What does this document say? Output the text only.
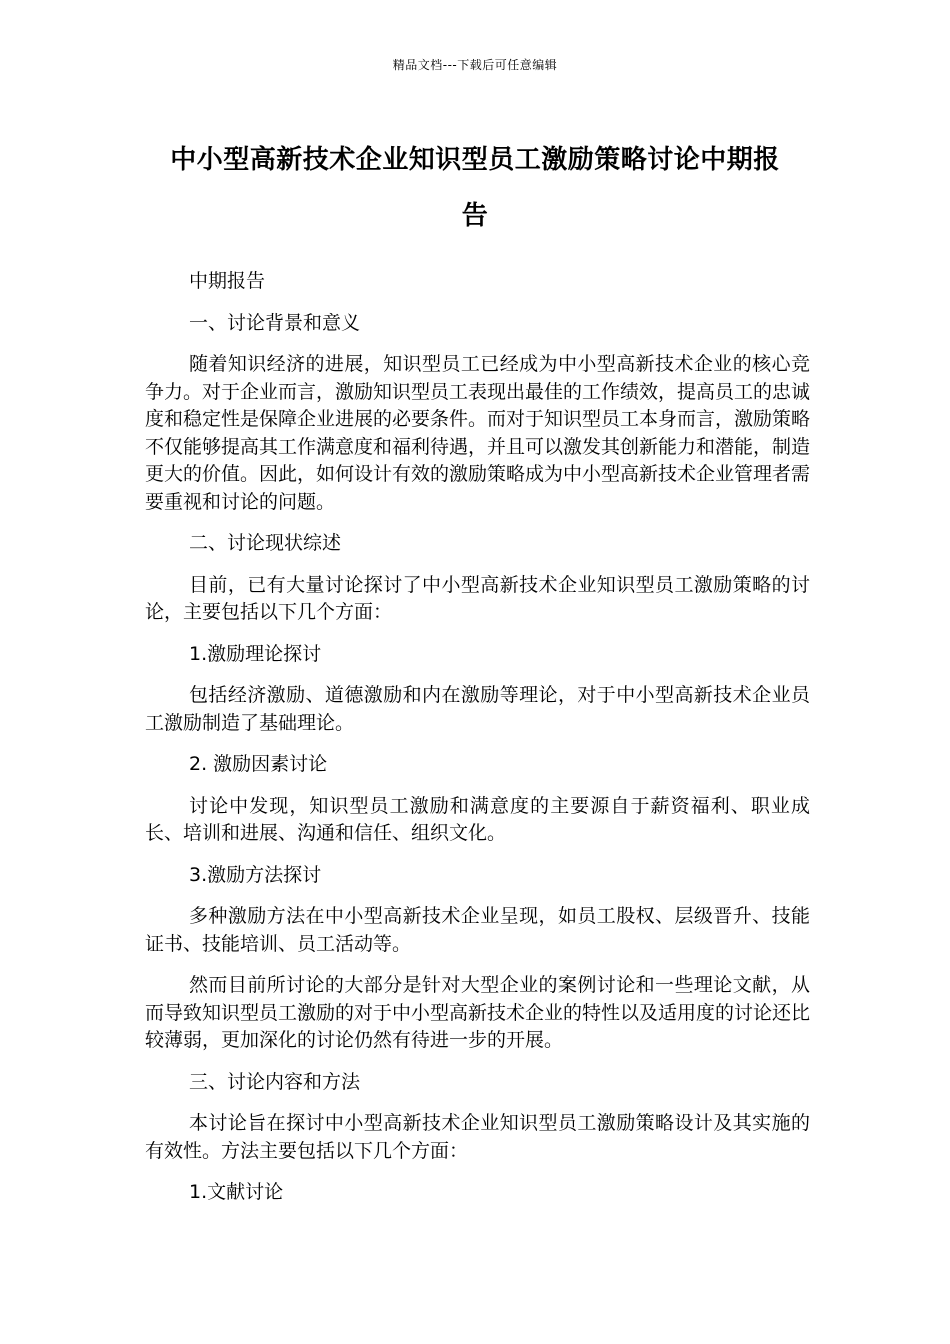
精品文档---下载后可任意编辑
中小型高新技术企业知识型员工激励策略讨论中期报
告
中期报告
一、讨论背景和意义
随着知识经济的进展，知识型员工已经成为中小型高新技术企业的核心竞争力。对于企业而言，激励知识型员工表现出最佳的工作绩效，提高员工的忠诚度和稳定性是保障企业进展的必要条件。而对于知识型员工本身而言，激励策略不仅能够提高其工作满意度和福利待遇，并且可以激发其创新能力和潜能，制造更大的价值。因此，如何设计有效的激励策略成为中小型高新技术企业管理者需要重视和讨论的问题。
二、讨论现状综述
目前，已有大量讨论探讨了中小型高新技术企业知识型员工激励策略的讨论，主要包括以下几个方面：
1.激励理论探讨
包括经济激励、道德激励和内在激励等理论，对于中小型高新技术企业员工激励制造了基础理论。
2. 激励因素讨论
讨论中发现，知识型员工激励和满意度的主要源自于薪资福利、职业成长、培训和进展、沟通和信任、组织文化。
3.激励方法探讨
多种激励方法在中小型高新技术企业呈现，如员工股权、层级晋升、技能证书、技能培训、员工活动等。
然而目前所讨论的大部分是针对大型企业的案例讨论和一些理论文献，从而导致知识型员工激励的对于中小型高新技术企业的特性以及适用度的讨论还比较薄弱，更加深化的讨论仍然有待进一步的开展。
三、讨论内容和方法
本讨论旨在探讨中小型高新技术企业知识型员工激励策略设计及其实施的有效性。方法主要包括以下几个方面：
1.文献讨论
